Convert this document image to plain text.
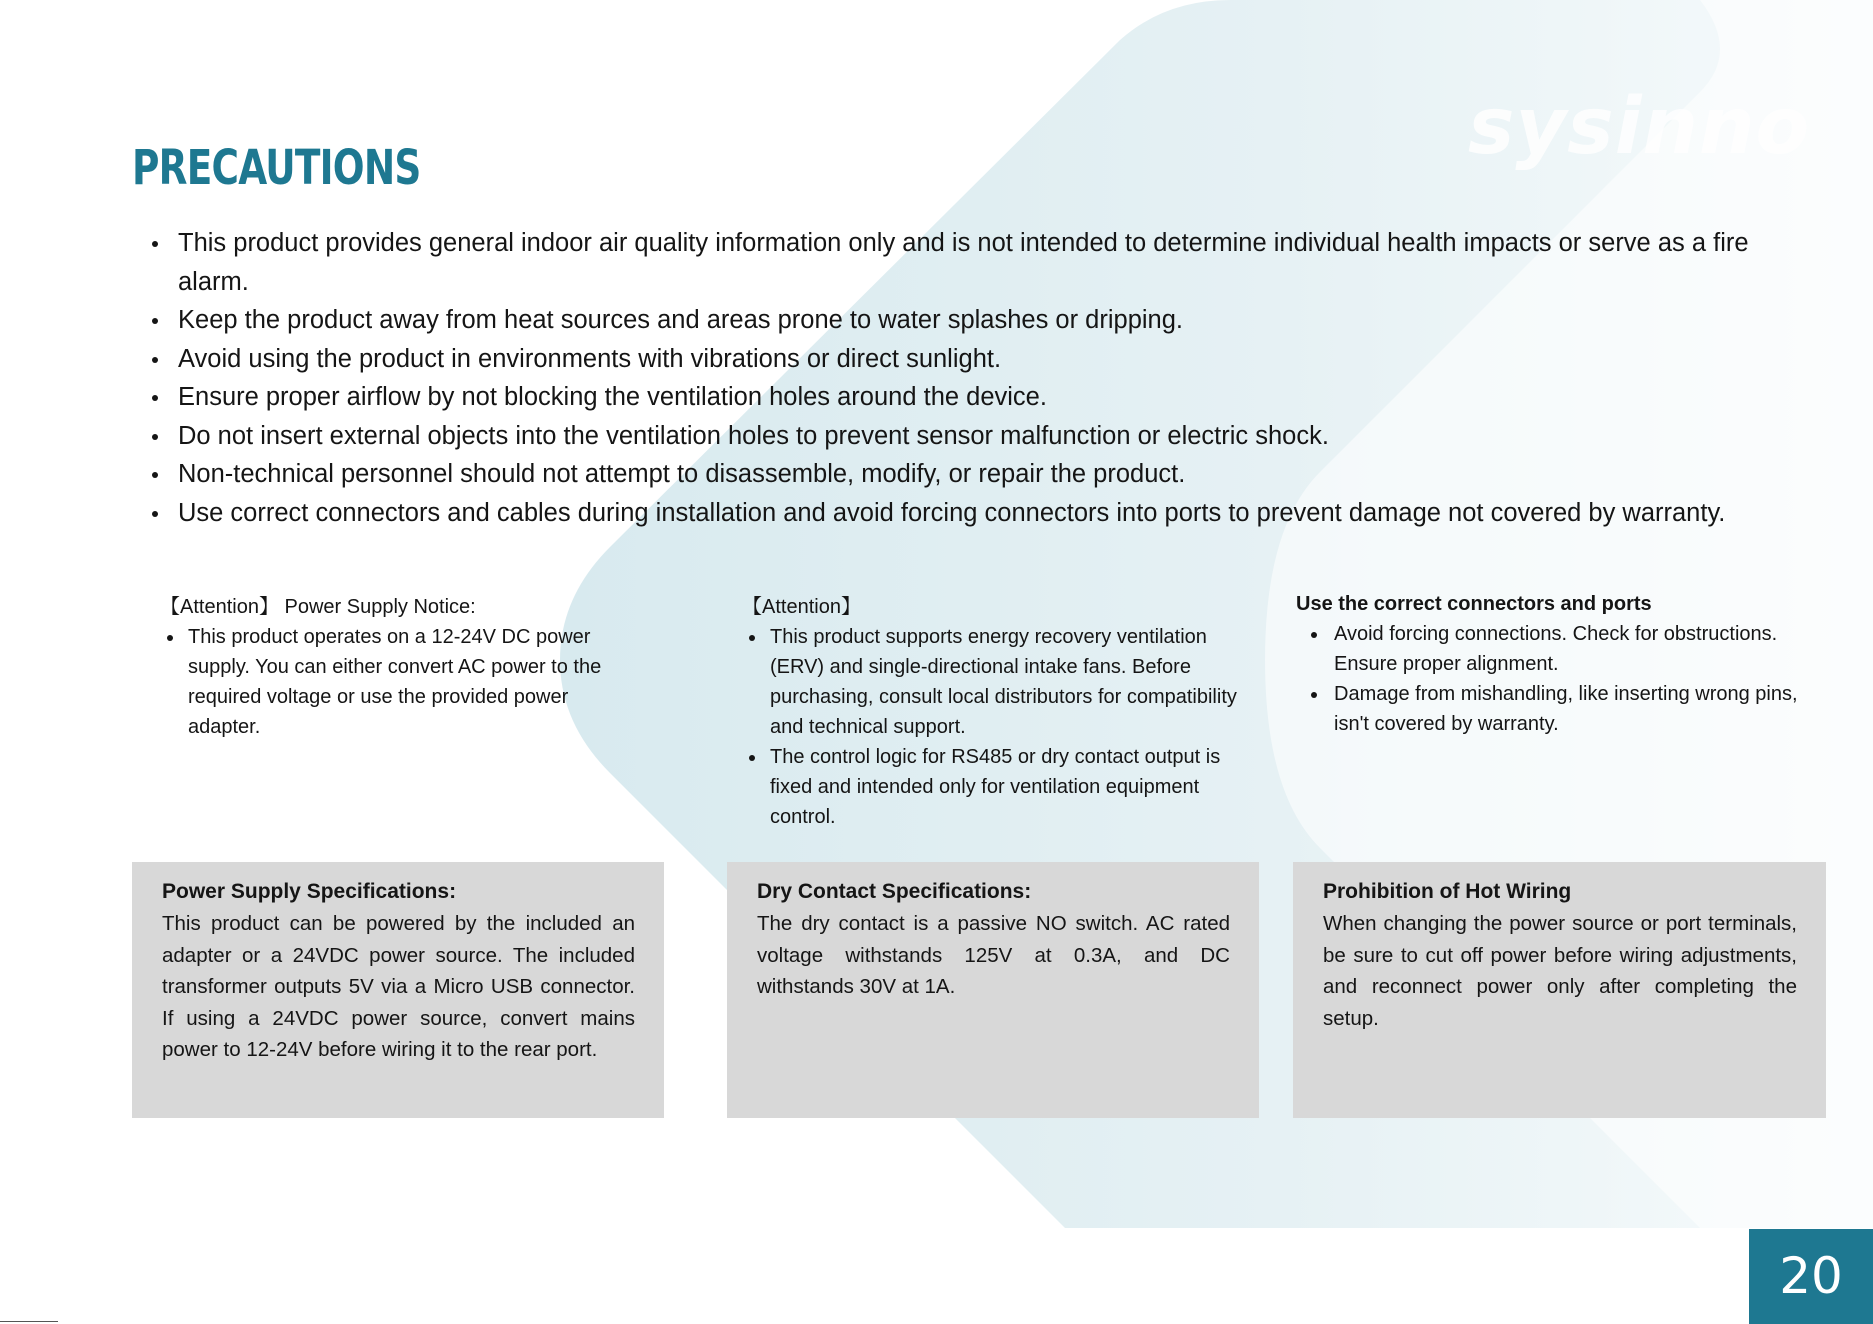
sysinno
PRECAUTIONS
This product provides general indoor air quality information only and is not intended to determine individual health impacts or serve as a fire alarm.
Keep the product away from heat sources and areas prone to water splashes or dripping.
Avoid using the product in environments with vibrations or direct sunlight.
Ensure proper airflow by not blocking the ventilation holes around the device.
Do not insert external objects into the ventilation holes to prevent sensor malfunction or electric shock.
Non-technical personnel should not attempt to disassemble, modify, or repair the product.
Use correct connectors and cables during installation and avoid forcing connectors into ports to prevent damage not covered by warranty.

【Attention】 Power Supply Notice:

This product operates on a 12-24V DC power supply. You can either convert AC power to the required voltage or use the provided power adapter.

【Attention】

This product supports energy recovery ventilation (ERV) and single-directional intake fans. Before purchasing, consult local distributors for compatibility and technical support.
The control logic for RS485 or dry contact output is fixed and intended only for ventilation equipment control.

Use the correct connectors and ports

Avoid forcing connections. Check for obstructions. Ensure proper alignment.
Damage from mishandling, like inserting wrong pins, isn't covered by warranty.

Power Supply Specifications:

This product can be powered by the included an adapter or a 24VDC power source. The included transformer outputs 5V via a Micro USB connector. If using a 24VDC power source, convert mains power to 12-24V before wiring it to the rear port.

Dry Contact Specifications:

The dry contact is a passive NO switch. AC rated voltage withstands 125V at 0.3A, and DC withstands 30V at 1A.

Prohibition of Hot Wiring

When changing the power source or port terminals, be sure to cut off power before wiring adjustments, and reconnect power only after completing the setup.

20
